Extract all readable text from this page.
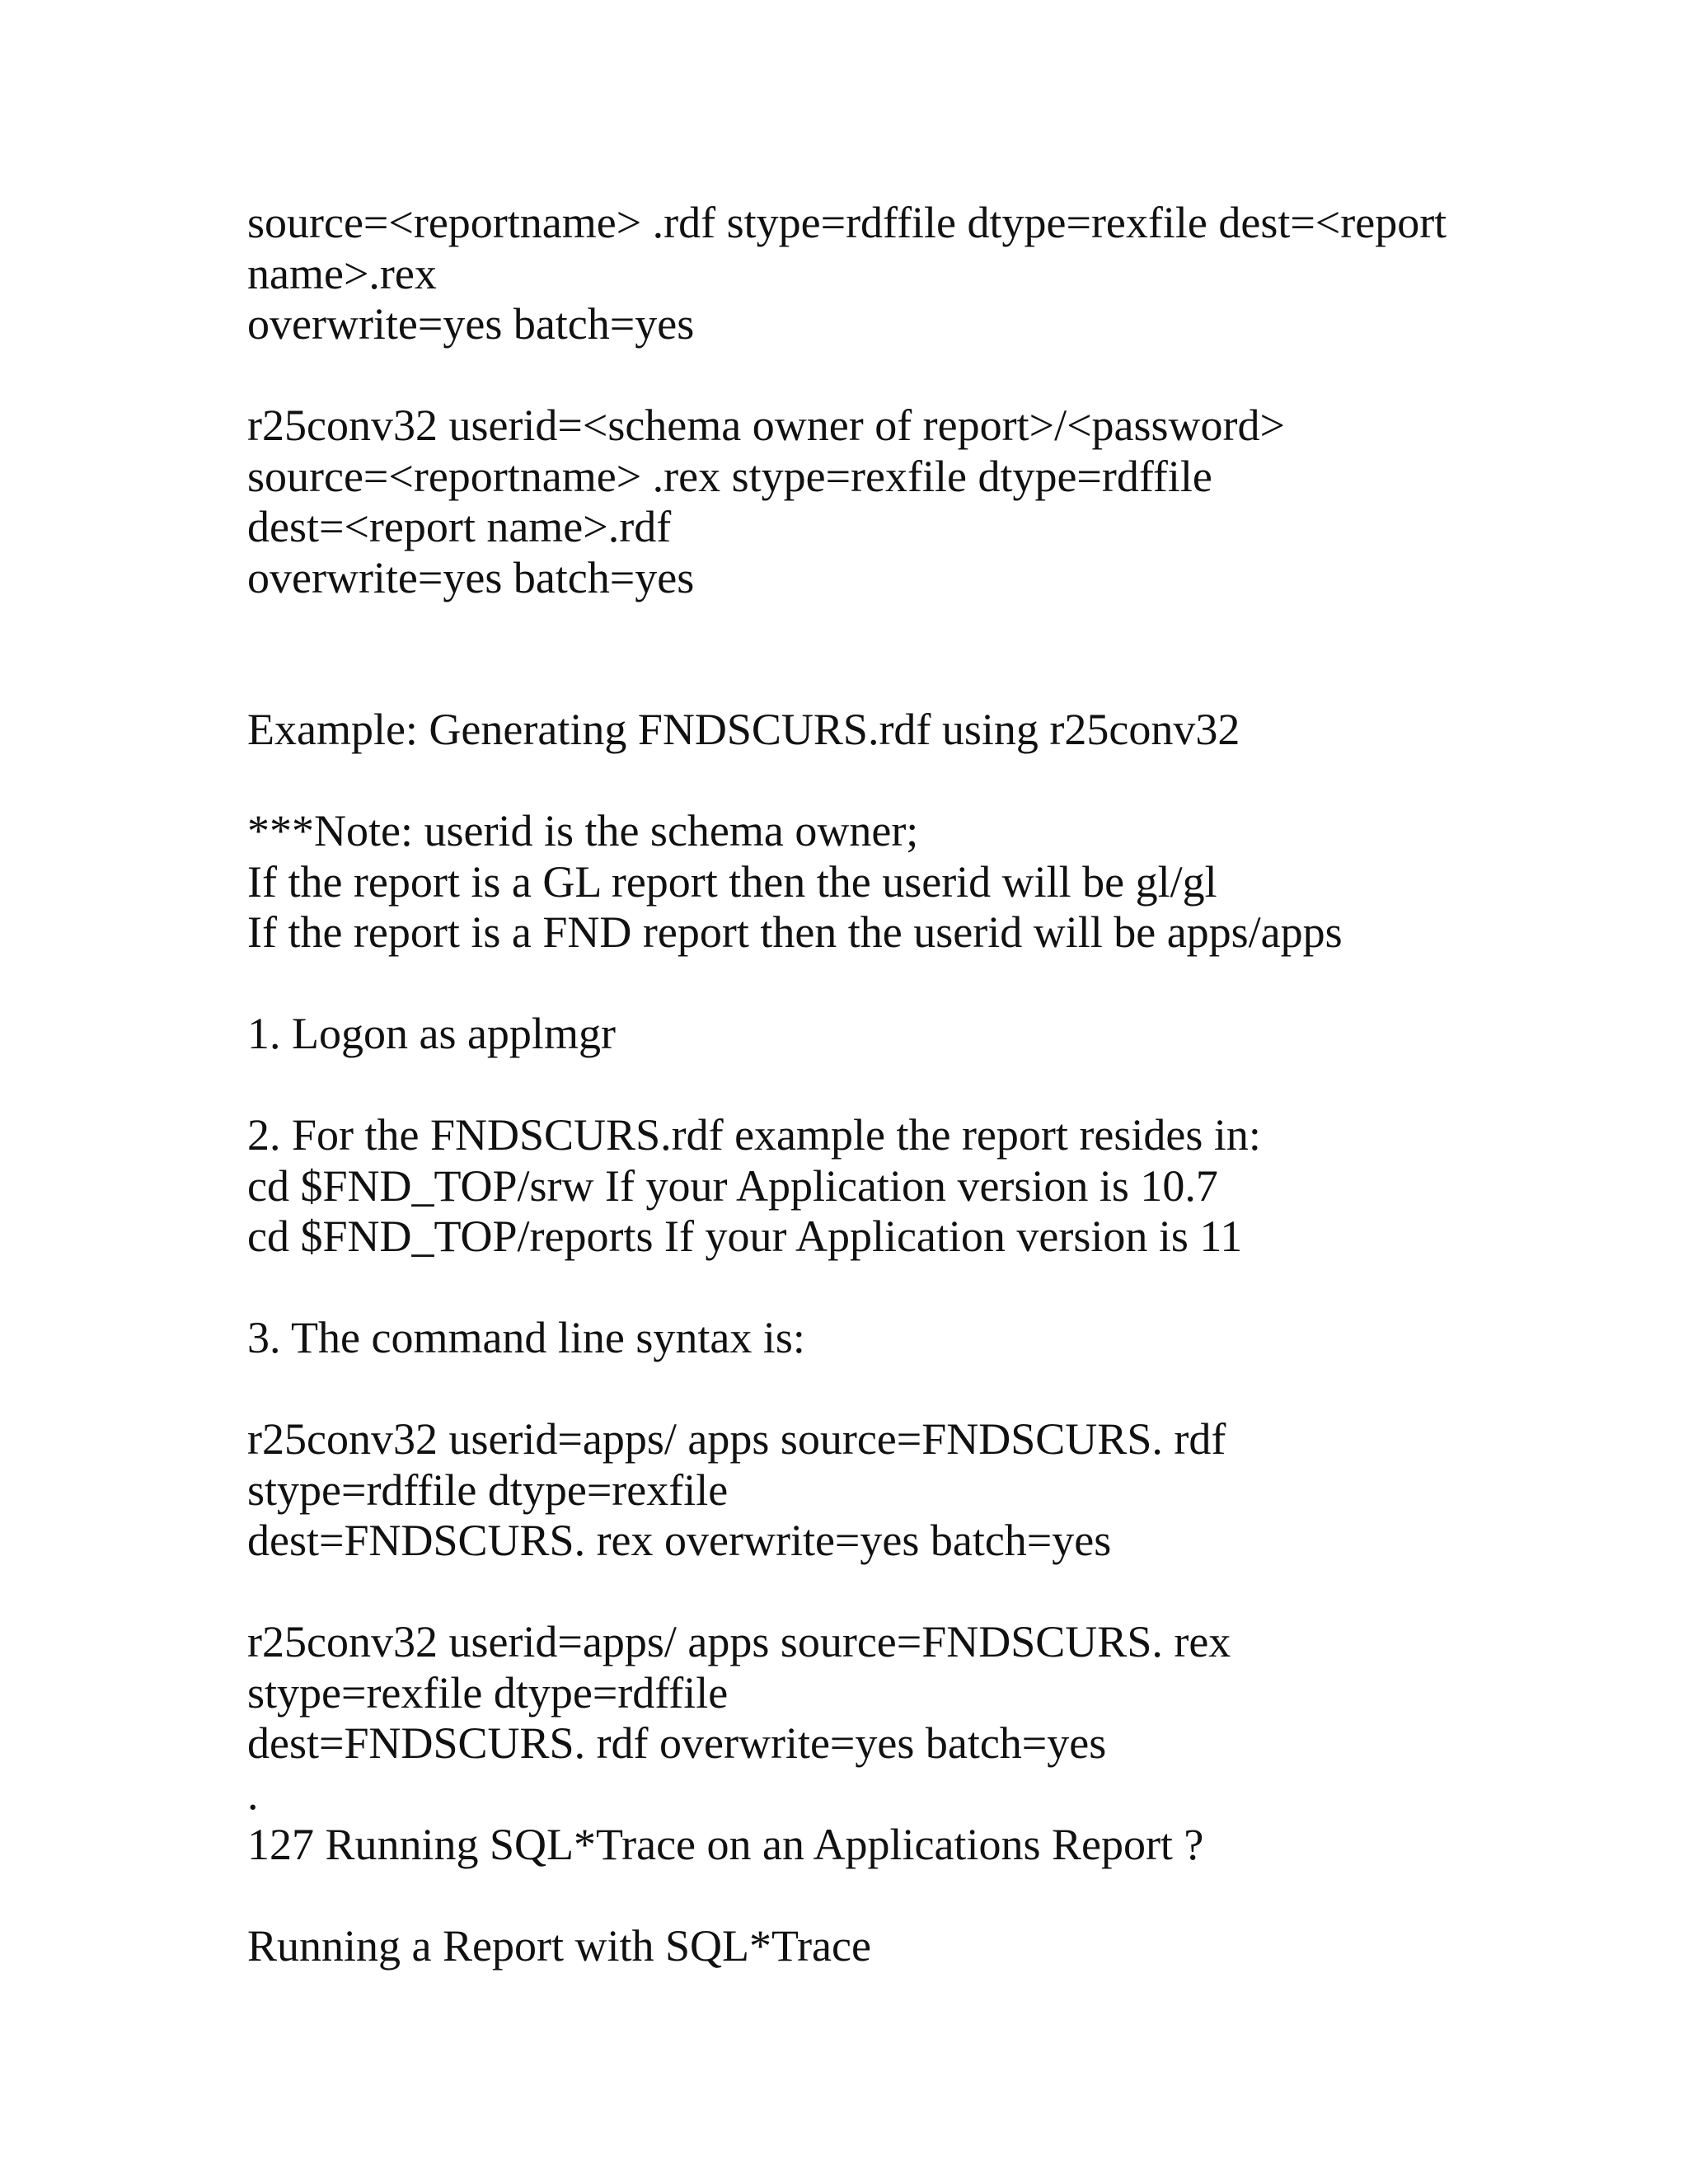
source=<reportname> .rdf stype=rdffile dtype=rexfile dest=<report
name>.rex
overwrite=yes batch=yes
r25conv32 userid=<schema owner of report>/<password>
source=<reportname> .rex stype=rexfile dtype=rdffile
dest=<report name>.rdf
overwrite=yes batch=yes
Example: Generating FNDSCURS.rdf using r25conv32
***Note: userid is the schema owner;
If the report is a GL report then the userid will be gl/gl
If the report is a FND report then the userid will be apps/apps
1. Logon as applmgr
2. For the FNDSCURS.rdf example the report resides in:
cd $FND_TOP/srw If your Application version is 10.7
cd $FND_TOP/reports If your Application version is 11
3. The command line syntax is:
r25conv32 userid=apps/ apps source=FNDSCURS. rdf
stype=rdffile dtype=rexfile
dest=FNDSCURS. rex overwrite=yes batch=yes
r25conv32 userid=apps/ apps source=FNDSCURS. rex
stype=rexfile dtype=rdffile
dest=FNDSCURS. rdf overwrite=yes batch=yes
.
127 Running SQL*Trace on an Applications Report ?
Running a Report with SQL*Trace
